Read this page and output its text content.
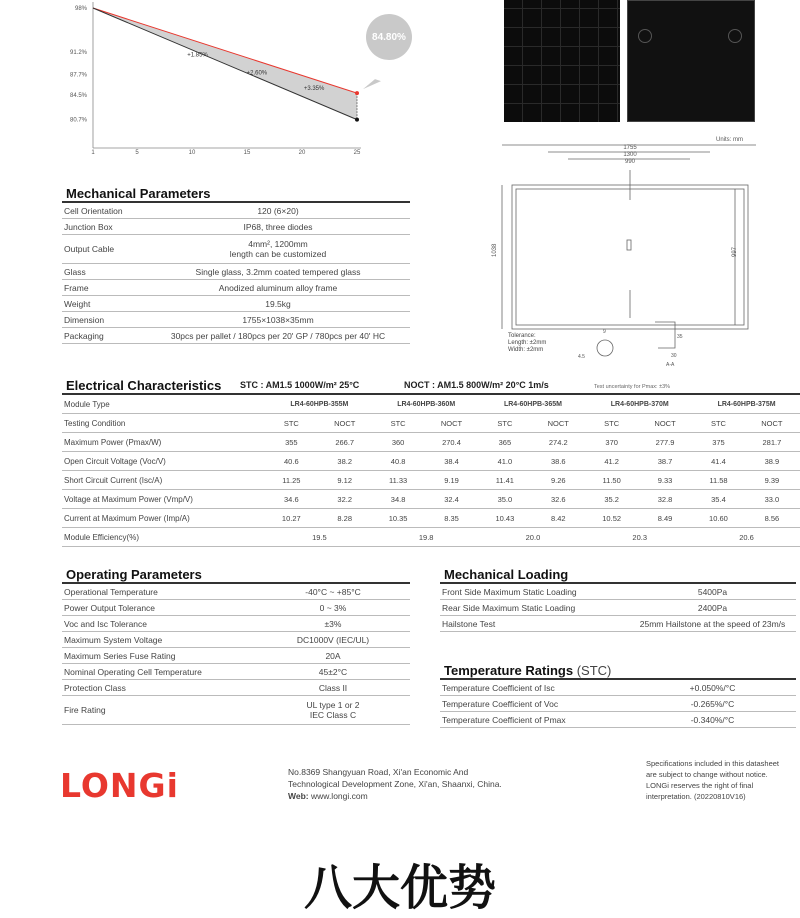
98%
91.2%
87.7%
84.5%
80.7%
1	5	10	15	20	25
+1.85%
+2.60%
+3.35%
84.80%
Units: mm
1755
1300
990
1038	997
Tolerance:
Length: ±2mm
Width: ±2mm
9
4.5
35
30
A-A
Mechanical Parameters
Cell Orientation	120 (6×20)

Junction Box	IP68, three diodes

Output Cable	4mm², 1200mm
length can be customized

Glass	Single glass, 3.2mm coated tempered glass

Frame	Anodized aluminum alloy frame

Weight	19.5kg

Dimension	1755×1038×35mm

Packaging	30pcs per pallet / 180pcs per 20' GP / 780pcs per 40' HC
Electrical Characteristics STC : AM1.5 1000W/m² 25°C	NOCT : AM1.5 800W/m² 20°C 1m/s	Test uncertainty for Pmax: ±3%
Module Type	LR4-60HPB-355M		LR4-60HPB-360M		LR4-60HPB-365M		LR4-60HPB-370M		LR4-60HPB-375M	
Testing Condition	STC	NOCT	STC	NOCT	STC	NOCT	STC	NOCT	STC	NOCT
Maximum Power (Pmax/W)	355	266.7	360	270.4	365	274.2	370	277.9	375	281.7
Open Circuit Voltage (Voc/V)	40.6	38.2	40.8	38.4	41.0	38.6	41.2	38.7	41.4	38.9
Short Circuit Current (Isc/A)	11.25	9.12	11.33	9.19	11.41	9.26	11.50	9.33	11.58	9.39
Voltage at Maximum Power (Vmp/V)	34.6	32.2	34.8	32.4	35.0	32.6	35.2	32.8	35.4	33.0
Current at Maximum Power (Imp/A)	10.27	8.28	10.35	8.35	10.43	8.42	10.52	8.49	10.60	8.56
Module Efficiency(%)	19.5		19.8		20.0		20.3		20.6	
Operating Parameters
Operational Temperature	-40°C ~ +85°C

Power Output Tolerance	0 ~ 3%

Voc and Isc Tolerance	±3%

Maximum System Voltage	DC1000V (IEC/UL)

Maximum Series Fuse Rating	20A

Nominal Operating Cell Temperature	45±2°C

Protection Class	Class II

Fire Rating	UL type 1 or 2
IEC Class C
Mechanical Loading
Front Side Maximum Static Loading	5400Pa

Rear Side Maximum Static Loading	2400Pa

Hailstone Test	25mm Hailstone at the speed of 23m/s
Temperature Ratings (STC)
Temperature Coefficient of Isc	+0.050%/°C

Temperature Coefficient of Voc	-0.265%/°C

Temperature Coefficient of Pmax	-0.340%/°C
LONGi	No.8369 Shangyuan Road, Xi'an Economic And
Technological Development Zone, Xi'an, Shaanxi, China.
Web: www.longi.com
Specifications included in this datasheet
are subject to change without notice.
LONGi reserves the right of final
interpretation. (20220810V16)
八大优势
